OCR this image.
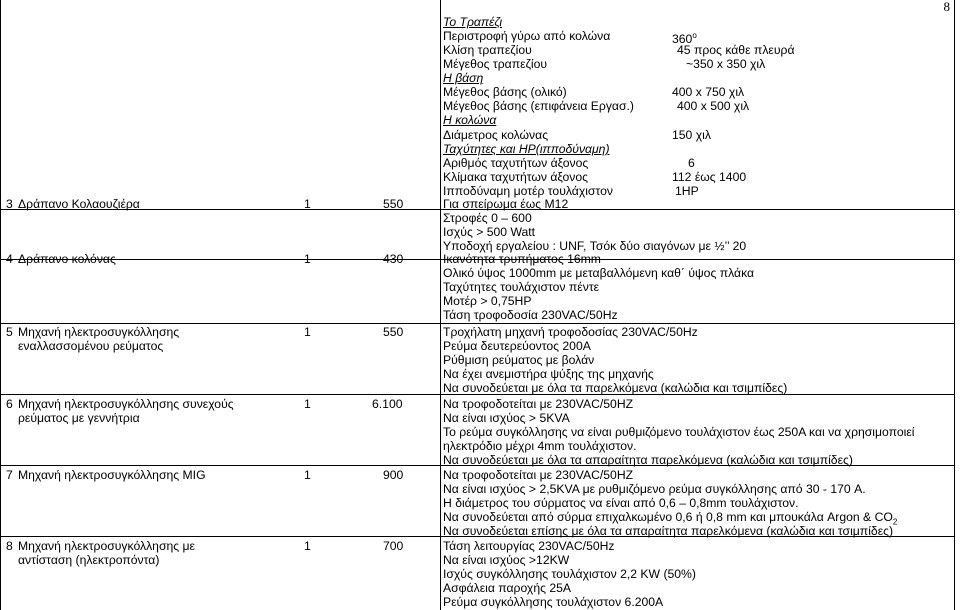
8
Το Τραπέζι
Περιστροφή γύρω από κολώνα	360$^o$
Κλίση τραπεζίου	45 προς κάθε πλευρά
Μέγεθος τραπεζίου	~350 x 350 χιλ
Η βάση
Μέγεθος βάσης (ολικό)	400 x 750 χιλ
Μέγεθος βάσης (επιφάνεια Εργασ.)	400 x 500 χιλ
Η κολώνα
Διάμετρος κολώνας	150 χιλ
Ταχύτητες και HP(ιπποδύναμη)
Αριθμός ταχυτήτων άξονος	6
Κλίμακα ταχυτήτων άξονος	112 έως 1400
Ιπποδύναμη μοτέρ τουλάχιστον	1HP
3 Δράπανο Κολαουζιέρα	1	550	Για σπείρωμα έως Μ12
Στροφές 0 – 600
Ισχύς > 500 Watt
Υποδοχή εργαλείου : UNF, Τσόκ δύο σιαγόνων με ½’’ 20
4 Δράπανο κολόνας	1	430	Ικανότητα τρυπήματος 16mm
Ολικό ύψος 1000mm με μεταβαλλόμενη καθ΄ ύψος πλάκα
Ταχύτητες τουλάχιστον πέντε
Μοτέρ > 0,75HP
Τάση τροφοδοσία 230VAC/50Hz
5 Μηχανή ηλεκτροσυγκόλλησης
εναλλασσομένου ρεύματος
1	550	Τροχήλατη μηχανή τροφοδοσίας 230VAC/50Hz
Ρεύμα δευτερεύοντος 200A
Ρύθμιση ρεύματος με βολάν
Να έχει ανεμιστήρα ψύξης της μηχανής
Να συνοδεύεται με όλα τα παρελκόμενα (καλώδια και τσιμπίδες)
6 Μηχανή ηλεκτροσυγκόλλησης συνεχούς
ρεύματος με γεννήτρια
1	6.100	Να τροφοδοτείται με 230VAC/50HZ
Να είναι ισχύος > 5KVA
Το ρεύμα συγκόλλησης να είναι ρυθμιζόμενο τουλάχιστον έως 250Α και να χρησιμοποιεί
ηλεκτρόδιο μέχρι 4mm τουλάχιστον.
Να συνοδεύεται με όλα τα απαραίτητα παρελκόμενα (καλώδια και τσιμπίδες)
7 Μηχανή ηλεκτροσυγκόλλησης MIG	1	900	Να τροφοδοτείται με 230VAC/50HZ
Να είναι ισχύος > 2,5KVA με ρυθμιζόμενο ρεύμα συγκόλλησης από 30 - 170 A.
Η διάμετρος του σύρματος να είναι από 0,6 – 0,8mm τουλάχιστον.
Να συνοδεύεται από σύρμα επιχαλκωμένο 0,6 ή 0,8 mm και μπουκάλα Argon & $CO_2$
Να συνοδεύεται επίσης με όλα τα απαραίτητα παρελκόμενα (καλώδια και τσιμπίδες)
8 Μηχανή ηλεκτροσυγκόλλησης με
αντίσταση (ηλεκτροπόντα)
1	700	Τάση λειτουργίας 230VAC/50Hz
Να είναι ισχύος >12KW
Ισχύς συγκόλλησης τουλάχιστον 2,2 KW (50%)
Ασφάλεια παροχής 25A
Ρεύμα συγκόλλησης τουλάχιστον 6.200A
